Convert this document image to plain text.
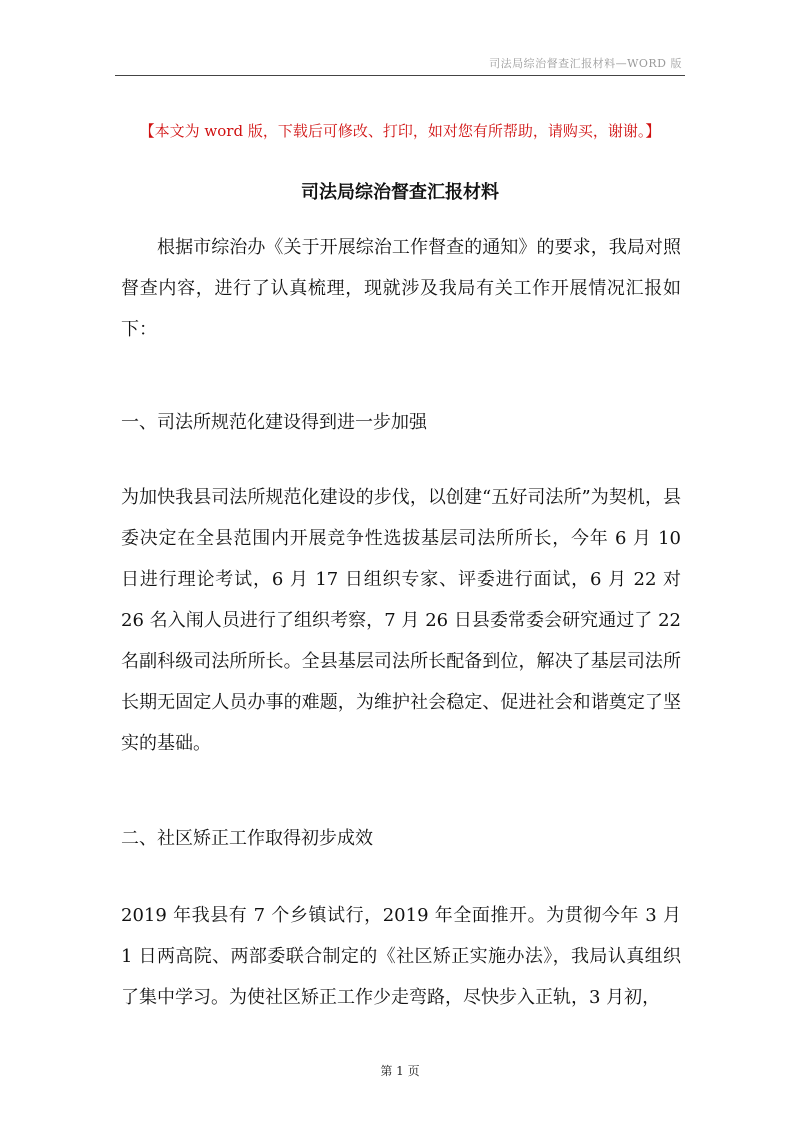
司法局综治督查汇报材料—WORD 版
【本文为 word 版，下载后可修改、打印，如对您有所帮助，请购买，谢谢。】
司法局综治督查汇报材料
根据市综治办《关于开展综治工作督查的通知》的要求，我局对照督查内容，进行了认真梳理，现就涉及我局有关工作开展情况汇报如下：
一、司法所规范化建设得到进一步加强
为加快我县司法所规范化建设的步伐，以创建“五好司法所”为契机，县委决定在全县范围内开展竞争性选拔基层司法所所长，今年 6 月 10 日进行理论考试，6 月 17 日组织专家、评委进行面试，6 月 22 对 26 名入闱人员进行了组织考察，7 月 26 日县委常委会研究通过了 22 名副科级司法所所长。全县基层司法所长配备到位，解决了基层司法所长期无固定人员办事的难题，为维护社会稳定、促进社会和谐奠定了坚实的基础。
二、社区矫正工作取得初步成效
2019 年我县有 7 个乡镇试行，2019 年全面推开。为贯彻今年 3 月 1 日两高院、两部委联合制定的《社区矫正实施办法》，我局认真组织了集中学习。为使社区矫正工作少走弯路，尽快步入正轨，3 月初，
第 1 页
